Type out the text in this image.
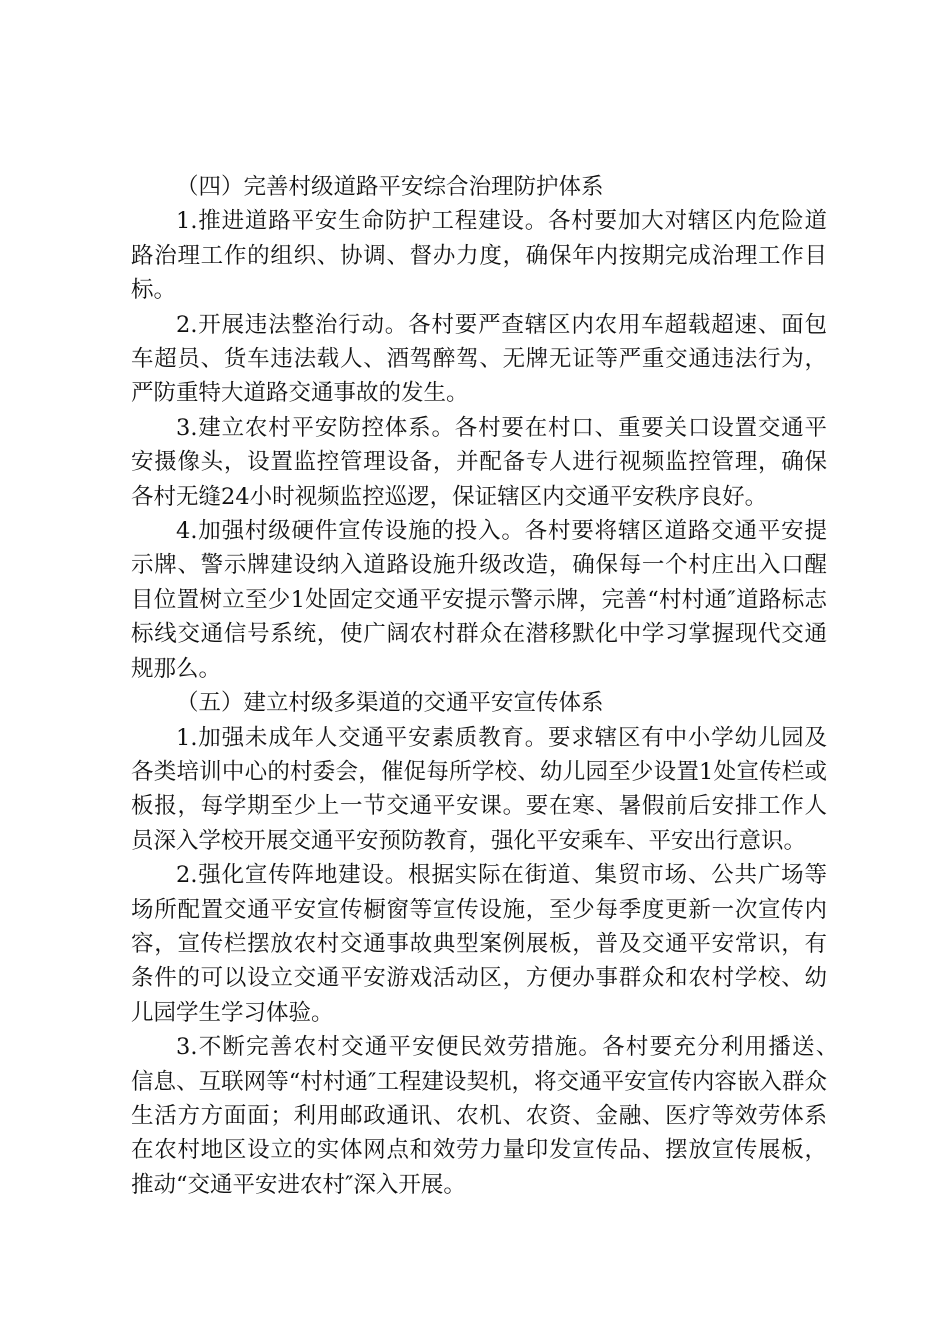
（四）完善村级道路平安综合治理防护体系

1.推进道路平安生命防护工程建设。各村要加大对辖区内危险道路治理工作的组织、协调、督办力度，确保年内按期完成治理工作目标。

2.开展违法整治行动。各村要严查辖区内农用车超载超速、面包车超员、货车违法载人、酒驾醉驾、无牌无证等严重交通违法行为，严防重特大道路交通事故的发生。

3.建立农村平安防控体系。各村要在村口、重要关口设置交通平安摄像头，设置监控管理设备，并配备专人进行视频监控管理，确保各村无缝24小时视频监控巡逻，保证辖区内交通平安秩序良好。

4.加强村级硬件宣传设施的投入。各村要将辖区道路交通平安提示牌、警示牌建设纳入道路设施升级改造，确保每一个村庄出入口醒目位置树立至少1处固定交通平安提示警示牌，完善“村村通″道路标志标线交通信号系统，使广阔农村群众在潜移默化中学习掌握现代交通规那么。

（五）建立村级多渠道的交通平安宣传体系

1.加强未成年人交通平安素质教育。要求辖区有中小学幼儿园及各类培训中心的村委会，催促每所学校、幼儿园至少设置1处宣传栏或板报，每学期至少上一节交通平安课。要在寒、暑假前后安排工作人员深入学校开展交通平安预防教育，强化平安乘车、平安出行意识。

2.强化宣传阵地建设。根据实际在街道、集贸市场、公共广场等场所配置交通平安宣传橱窗等宣传设施，至少每季度更新一次宣传内容，宣传栏摆放农村交通事故典型案例展板，普及交通平安常识，有条件的可以设立交通平安游戏活动区，方便办事群众和农村学校、幼儿园学生学习体验。

3.不断完善农村交通平安便民效劳措施。各村要充分利用播送、　　信息、互联网等“村村通″工程建设契机，将交通平安宣传内容嵌入群众生活方方面面；利用邮政通讯、农机、农资、金融、医疗等效劳体系在农村地区设立的实体网点和效劳力量印发宣传品、摆放宣传展板，推动“交通平安进农村″深入开展。
